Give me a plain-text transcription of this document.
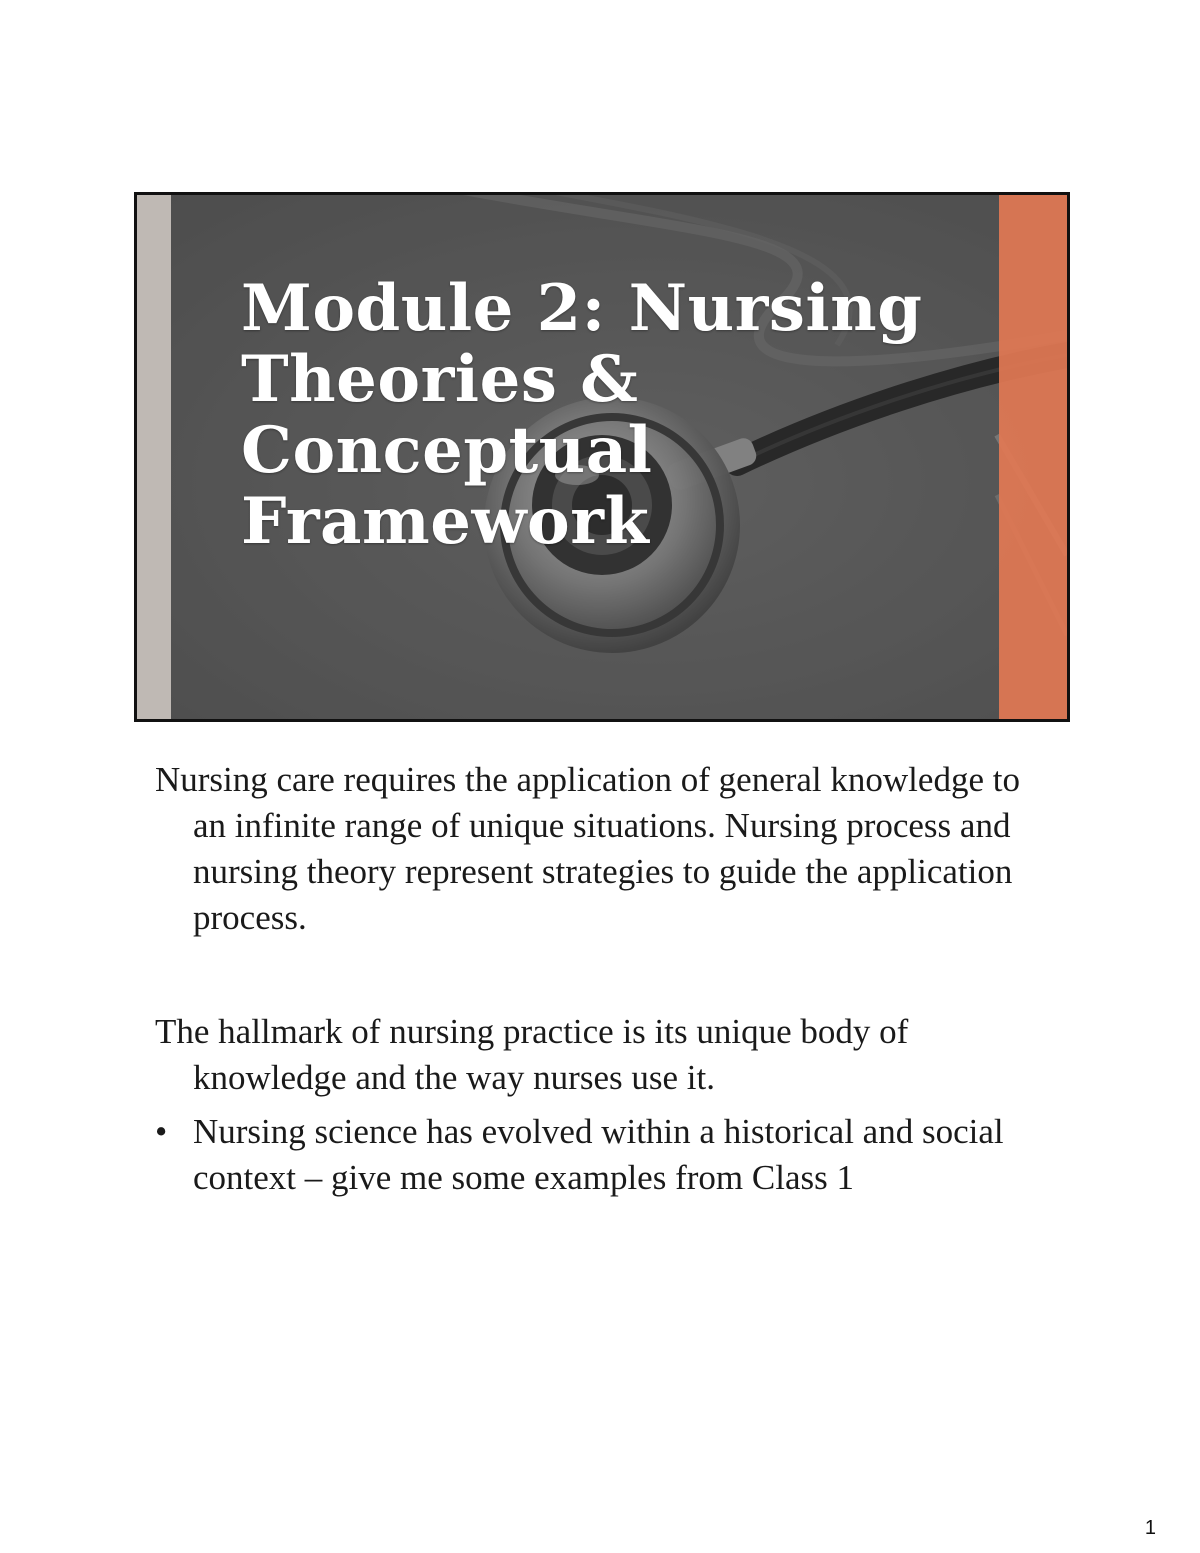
Module 2: Nursing
Theories &
Conceptual
Framework

Nursing care requires the application of general knowledge to an infinite range of unique situations. Nursing process and nursing theory represent strategies to guide the application process.

The hallmark of nursing practice is its unique body of knowledge and the way nurses use it.

• Nursing science has evolved within a historical and social context – give me some examples from Class 1
1
